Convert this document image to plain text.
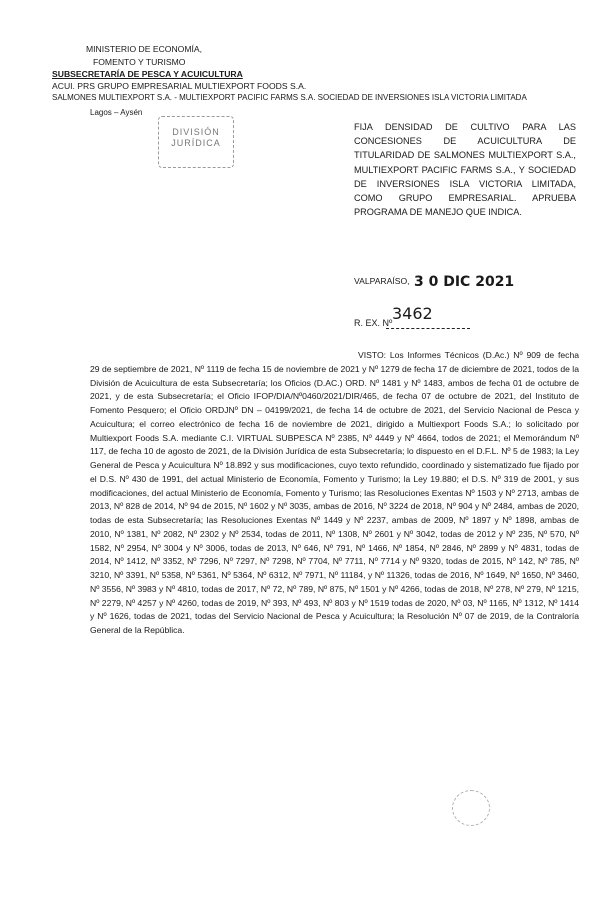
MINISTERIO DE ECONOMÍA,
FOMENTO Y TURISMO
SUBSECRETARÍA DE PESCA Y ACUICULTURA
ACUI. PRS GRUPO EMPRESARIAL MULTIEXPORT FOODS S.A.
SALMONES MULTIEXPORT S.A. - MULTIEXPORT PACIFIC FARMS S.A. SOCIEDAD DE INVERSIONES ISLA VICTORIA LIMITADA
Lagos – Aysén
DIVISIÓN
JURÍDICA
FIJA DENSIDAD DE CULTIVO PARA LAS CONCESIONES DE ACUICULTURA DE TITULARIDAD DE SALMONES MULTIEXPORT S.A., MULTIEXPORT PACIFIC FARMS S.A., Y SOCIEDAD DE INVERSIONES ISLA VICTORIA LIMITADA, COMO GRUPO EMPRESARIAL. APRUEBA PROGRAMA DE MANEJO QUE INDICA.
VALPARAÍSO, 3 0 DIC 2021
R. EX. Nº 3462
VISTO: Los Informes Técnicos (D.Ac.) Nº 909 de fecha 29 de septiembre de 2021, Nº 1119 de fecha 15 de noviembre de 2021 y Nº 1279 de fecha 17 de diciembre de 2021, todos de la División de Acuicultura de esta Subsecretaría; los Oficios (D.AC.) ORD. Nº 1481 y Nº 1483, ambos de fecha 01 de octubre de 2021, y de esta Subsecretaría; el Oficio IFOP/DIA/Nº0460/2021/DIR/465, de fecha 07 de octubre de 2021, del Instituto de Fomento Pesquero; el Oficio ORDJNº DN – 04199/2021, de fecha 14 de octubre de 2021, del Servicio Nacional de Pesca y Acuicultura; el correo electrónico de fecha 16 de noviembre de 2021, dirigido a Multiexport Foods S.A.; lo solicitado por Multiexport Foods S.A. mediante C.I. VIRTUAL SUBPESCA Nº 2385, Nº 4449 y Nº 4664, todos de 2021; el Memorándum Nº 117, de fecha 10 de agosto de 2021, de la División Jurídica de esta Subsecretaría; lo dispuesto en el D.F.L. Nº 5 de 1983; la Ley General de Pesca y Acuicultura Nº 18.892 y sus modificaciones, cuyo texto refundido, coordinado y sistematizado fue fijado por el D.S. Nº 430 de 1991, del actual Ministerio de Economía, Fomento y Turismo; la Ley 19.880; el D.S. Nº 319 de 2001, y sus modificaciones, del actual Ministerio de Economía, Fomento y Turismo; las Resoluciones Exentas Nº 1503 y Nº 2713, ambas de 2013, Nº 828 de 2014, Nº 94 de 2015, Nº 1602 y Nº 3035, ambas de 2016, Nº 3224 de 2018, Nº 904 y Nº 2484, ambas de 2020, todas de esta Subsecretaría; las Resoluciones Exentas Nº 1449 y Nº 2237, ambas de 2009, Nº 1897 y Nº 1898, ambas de 2010, Nº 1381, Nº 2082, Nº 2302 y Nº 2534, todas de 2011, Nº 1308, Nº 2601 y Nº 3042, todas de 2012 y Nº 235, Nº 570, Nº 1582, Nº 2954, Nº 3004 y Nº 3006, todas de 2013, Nº 646, Nº 791, Nº 1466, Nº 1854, Nº 2846, Nº 2899 y Nº 4831, todas de 2014, Nº 1412, Nº 3352, Nº 7296, Nº 7297, Nº 7298, Nº 7704, Nº 7711, Nº 7714 y Nº 9320, todas de 2015, Nº 142, Nº 785, Nº 3210, Nº 3391, Nº 5358, Nº 5361, Nº 5364, Nº 6312, Nº 7971, Nº 11184, y Nº 11326, todas de 2016, Nº 1649, Nº 1650, Nº 3460, Nº 3556, Nº 3983 y Nº 4810, todas de 2017, Nº 72, Nº 789, Nº 875, Nº 1501 y Nº 4266, todas de 2018, Nº 278, Nº 279, Nº 1215, Nº 2279, Nº 4257 y Nº 4260, todas de 2019, Nº 393, Nº 493, Nº 803 y Nº 1519 todas de 2020, Nº 03, Nº 1165, Nº 1312, Nº 1414 y Nº 1626, todas de 2021, todas del Servicio Nacional de Pesca y Acuicultura; la Resolución Nº 07 de 2019, de la Contraloría General de la República.
